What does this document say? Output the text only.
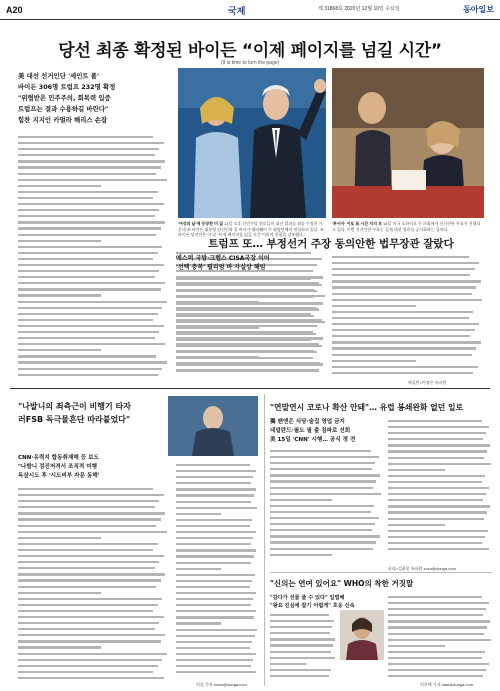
A20	국제	제 31868호 2020년 12월 10일 수요일	동아일보
당선 최종 확정된 바이든 “이제 페이지를 넘길 시간”
(It is time to turn the page)
美 대선 선거인단 '세인트 폴'
바이든 306명 트럼프 232명 확정
"위협받은 민주주의, 회복력 입증
트럼프는 결과 수용하길 바란다"
힘찬 지지인 카멀라 해리스 손잡
'여성의 날'에 등장한 미 질 14일 오후 신민주당 원로들이 대선 결과를 최종 인정한 가운데 조 바이든 대통령 당선인과 질 여사가 델라웨어 주 윌밍턴에서 연설하고 있다. 조 바이든 당선인은 이 날 "이제 페이지를 넘길 시간"이라며 통합을 강조했다.
'투이아' 이토 표 시간 지지 흐 14일 미국 오하이오 주 의회에서 선거인단 투표가 진행되고 있다. 이번 선거인단 투표는 실제 대선 결과를 공식화하는 절차다.
트럼프 또… 부정선거 주장 동의안한 법무장관 잘랐다
에스퍼 국방·크렙스 CISA국장 이어
'선택 충복' 필리엄 바 사실상 해임
워싱턴=이정은 특파원
"나발니의 죄측근이 비행기 타자
러FSB 독극물흔단 따라붙었다"
CNN·유력지 합동취재해 등 보도
"나발니 검진저격서 조직적 미행
독살시도 후 '시도비부 자문 동해'
이설 기자 snow@donga.com
"연말연시 코로나 확산 안돼"… 유럽 봉쇄완화 없던 일로
獨 밴앤은 식당·술집 영업 금지
네덜란드·필도 필 출 침파로 선회
美 15일 'CNN' 시행… 공식 정 전
파리=김윤종 특파원 zozo@donga.com
"신의는 연여 있어요" WHO의 착한 거짓말
"감다가 선물 줄 수 있다" 입법해
"왕요 진심에 잡기 어렵게" 호응 신속
이은택 기자 nabi@donga.com
